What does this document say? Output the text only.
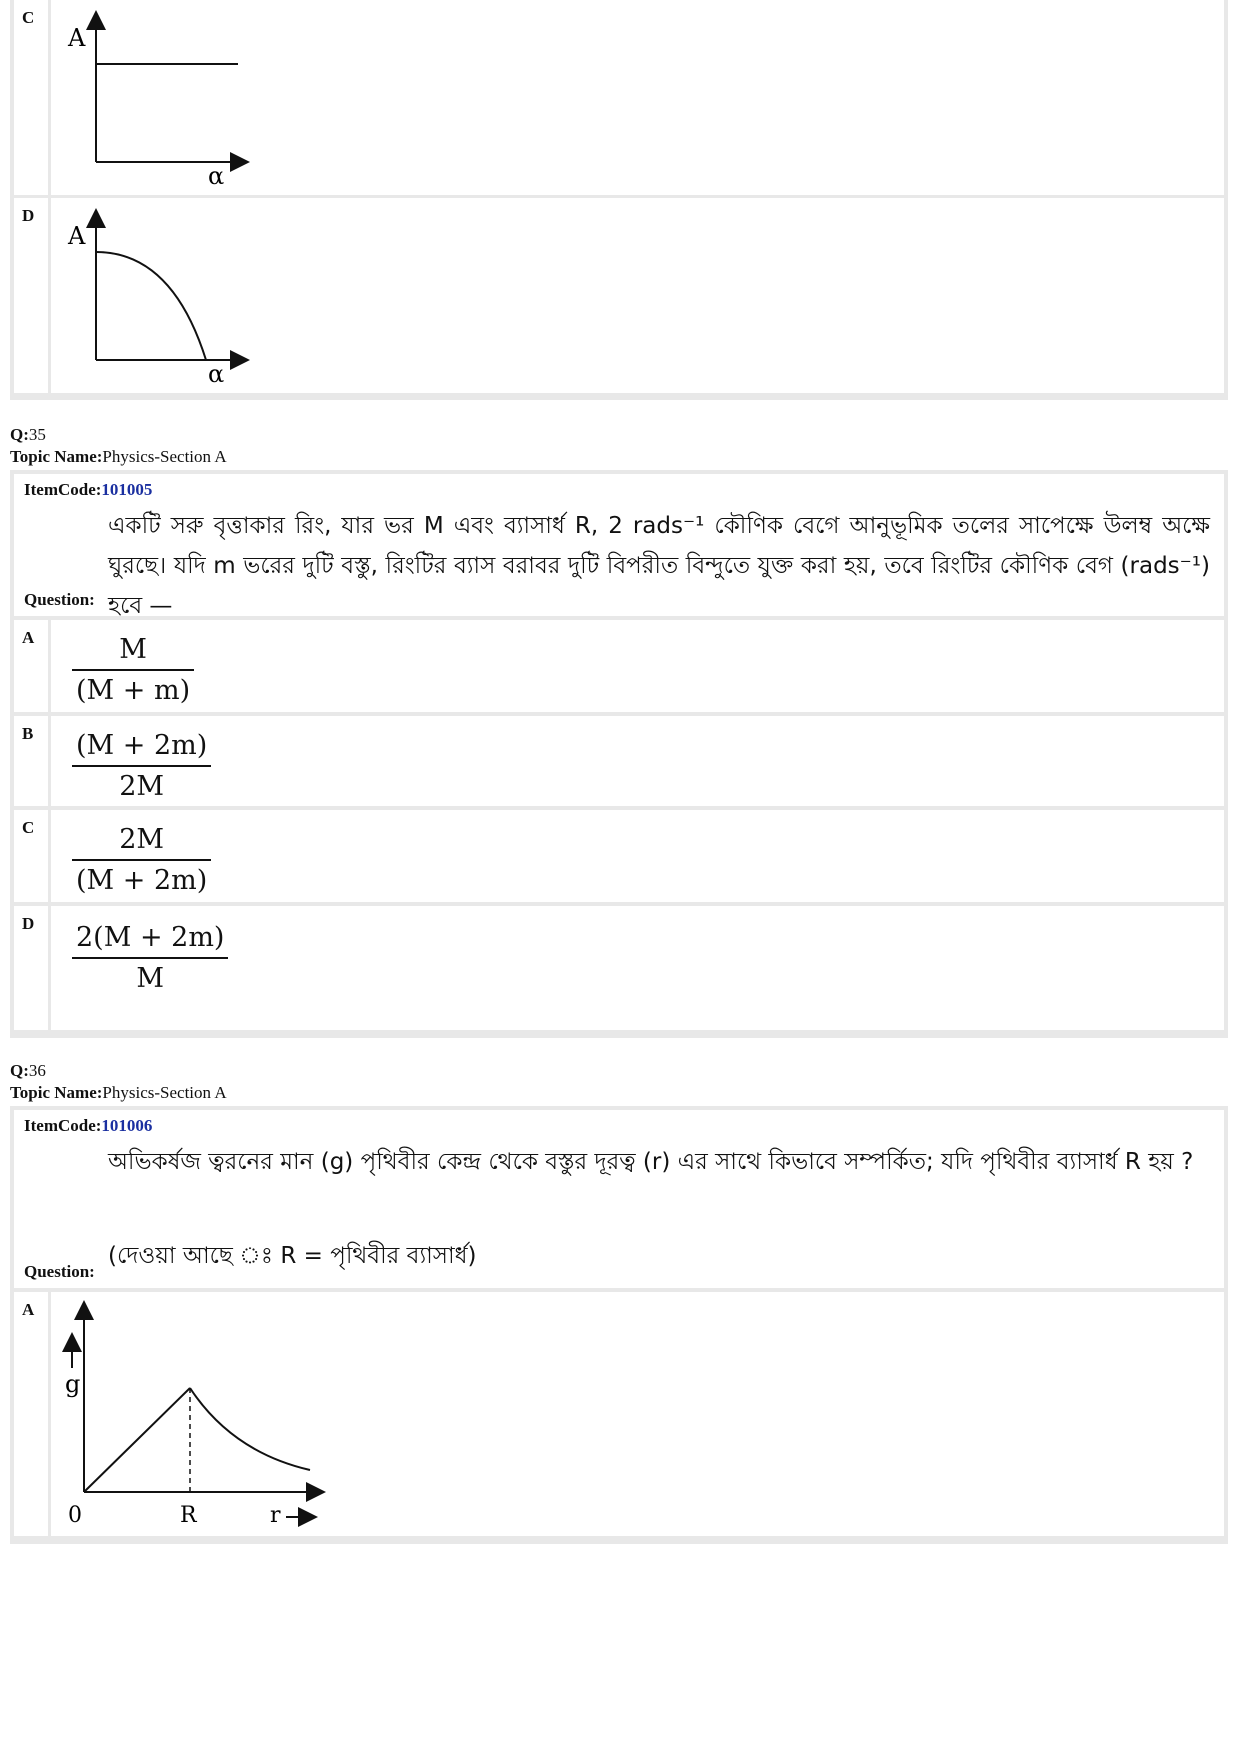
C
A
α
D
A
α
Q:35
Topic Name:Physics-Section A
ItemCode:101005
একটি সরু বৃত্তাকার রিং, যার ভর M এবং ব্যাসার্ধ R, 2 rads⁻¹ কৌণিক বেগে আনুভূমিক তলের সাপেক্ষে উলম্ব অক্ষে ঘুরছে। যদি m ভরের দুটি বস্তু, রিংটির ব্যাস বরাবর দুটি বিপরীত বিন্দুতে যুক্ত করা হয়, তবে রিংটির কৌণিক বেগ (rads⁻¹) হবে —
Question:
A	$\frac{M}{(M + m)}$
B	$\frac{(M + 2m)}{2M}$
C	$\frac{2M}{(M + 2m)}$
D	$\frac{2(M + 2m)}{M}$
Q:36
Topic Name:Physics-Section A
ItemCode:101006
অভিকর্ষজ ত্বরনের মান (g) পৃথিবীর কেন্দ্র থেকে বস্তুর দূরত্ব (r) এর সাথে কিভাবে সম্পর্কিত; যদি পৃথিবীর ব্যাসার্ধ R হয় ?
(দেওয়া আছে ঃ R = পৃথিবীর ব্যাসার্ধ)
Question:
A
g
0	R	r
